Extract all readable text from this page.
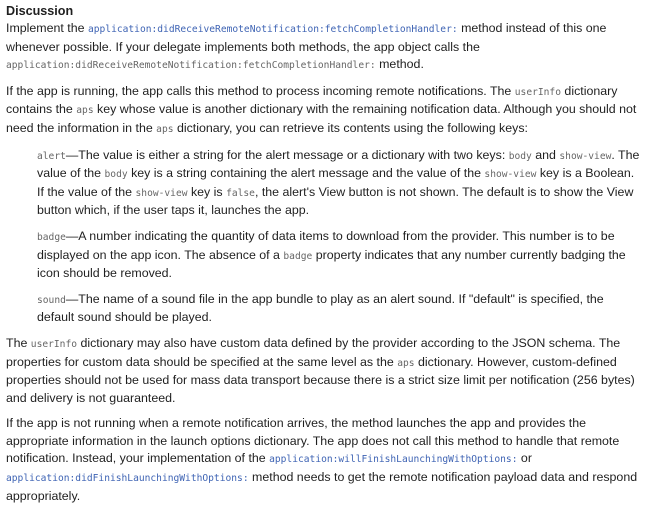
Discussion

Implement the application:didReceiveRemoteNotification:fetchCompletionHandler: method instead of this one whenever possible. If your delegate implements both methods, the app object calls the application:didReceiveRemoteNotification:fetchCompletionHandler: method.

If the app is running, the app calls this method to process incoming remote notifications. The userInfo dictionary contains the aps key whose value is another dictionary with the remaining notification data. Although you should not need the information in the aps dictionary, you can retrieve its contents using the following keys:

alert—The value is either a string for the alert message or a dictionary with two keys: body and show-view. The value of the body key is a string containing the alert message and the value of the show-view key is a Boolean. If the value of the show-view key is false, the alert's View button is not shown. The default is to show the View button which, if the user taps it, launches the app.

badge—A number indicating the quantity of data items to download from the provider. This number is to be displayed on the app icon. The absence of a badge property indicates that any number currently badging the icon should be removed.

sound—The name of a sound file in the app bundle to play as an alert sound. If "default" is specified, the default sound should be played.

The userInfo dictionary may also have custom data defined by the provider according to the JSON schema. The properties for custom data should be specified at the same level as the aps dictionary. However, custom-defined properties should not be used for mass data transport because there is a strict size limit per notification (256 bytes) and delivery is not guaranteed.

If the app is not running when a remote notification arrives, the method launches the app and provides the appropriate information in the launch options dictionary. The app does not call this method to handle that remote notification. Instead, your implementation of the application:willFinishLaunchingWithOptions: or application:didFinishLaunchingWithOptions: method needs to get the remote notification payload data and respond appropriately.
